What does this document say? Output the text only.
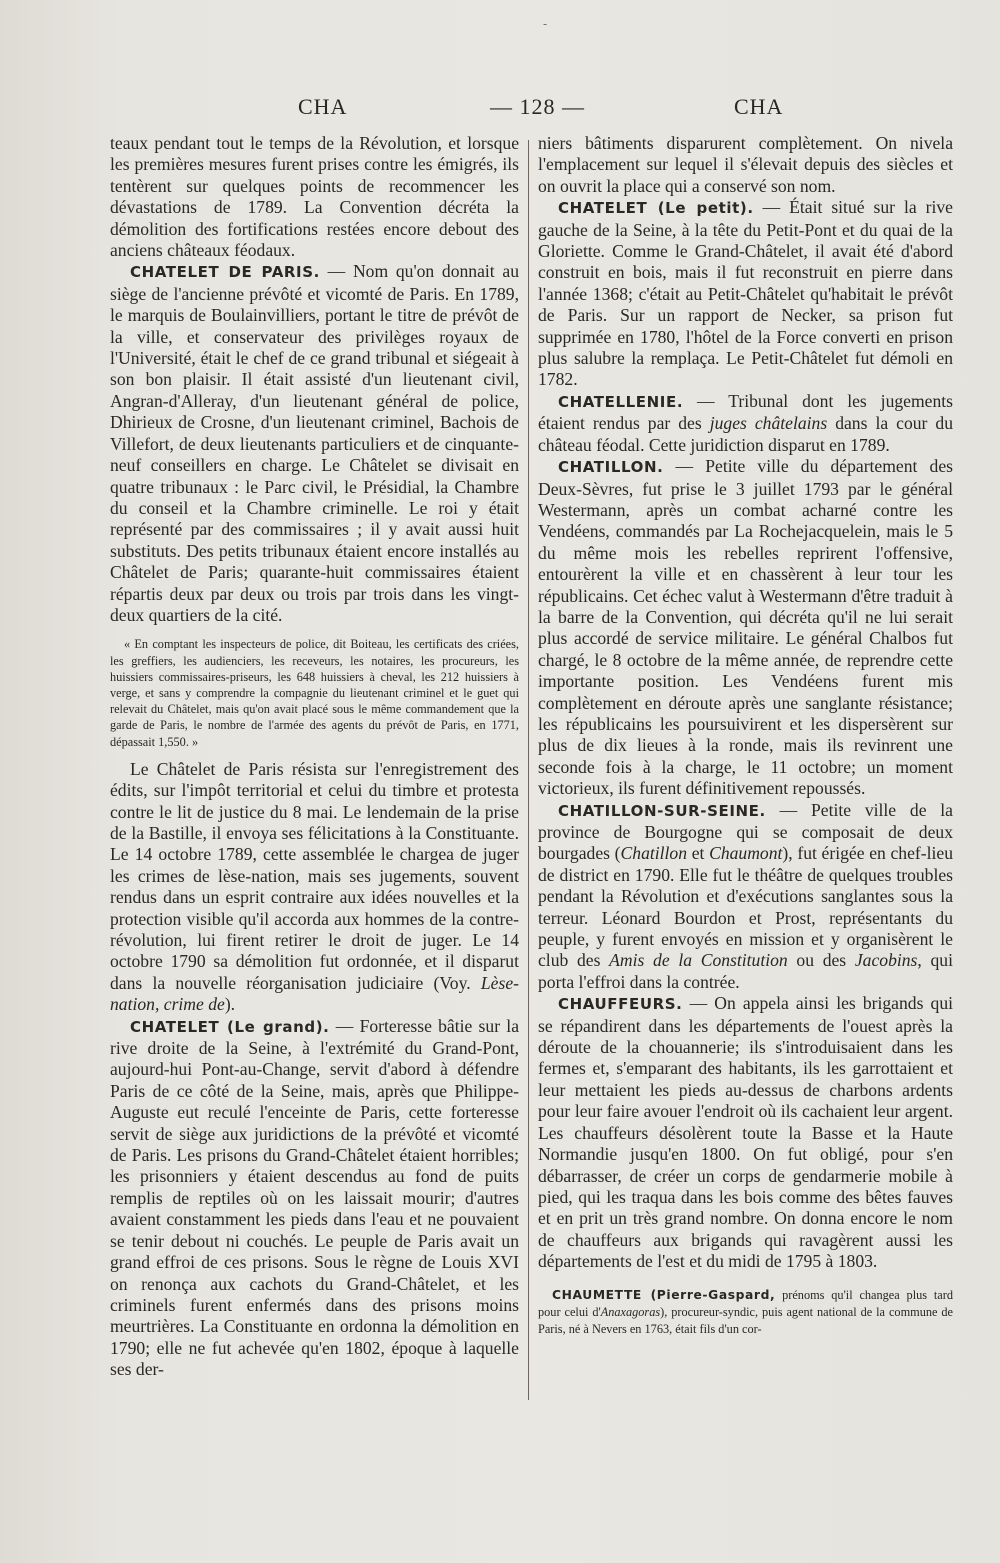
-
CHA	— 128 —	CHA

teaux pendant tout le temps de la Révolution, et lorsque les premières mesures furent prises contre les émigrés, ils tentèrent sur quelques points de recommencer les dévastations de 1789. La Convention décréta la démolition des fortifications restées encore debout des anciens châteaux féodaux.

CHATELET DE PARIS. — Nom qu'on donnait au siège de l'ancienne prévôté et vicomté de Paris. En 1789, le marquis de Boulainvilliers, portant le titre de prévôt de la ville, et conservateur des privilèges royaux de l'Université, était le chef de ce grand tribunal et siégeait à son bon plaisir. Il était assisté d'un lieutenant civil, Angran-d'Alleray, d'un lieutenant général de police, Dhirieux de Crosne, d'un lieutenant criminel, Bachois de Villefort, de deux lieutenants particuliers et de cinquante-neuf conseillers en charge. Le Châtelet se divisait en quatre tribunaux : le Parc civil, le Présidial, la Chambre du conseil et la Chambre criminelle. Le roi y était représenté par des commissaires ; il y avait aussi huit substituts. Des petits tribunaux étaient encore installés au Châtelet de Paris; quarante-huit commissaires étaient répartis deux par deux ou trois par trois dans les vingt-deux quartiers de la cité.

« En comptant les inspecteurs de police, dit Boiteau, les certificats des criées, les greffiers, les audienciers, les receveurs, les notaires, les procureurs, les huissiers commissaires-priseurs, les 648 huissiers à cheval, les 212 huissiers à verge, et sans y comprendre la compagnie du lieutenant criminel et le guet qui relevait du Châtelet, mais qu'on avait placé sous le même commandement que la garde de Paris, le nombre de l'armée des agents du prévôt de Paris, en 1771, dépassait 1,550. »

Le Châtelet de Paris résista sur l'enregistrement des édits, sur l'impôt territorial et celui du timbre et protesta contre le lit de justice du 8 mai. Le lendemain de la prise de la Bastille, il envoya ses félicitations à la Constituante. Le 14 octobre 1789, cette assemblée le chargea de juger les crimes de lèse-nation, mais ses jugements, souvent rendus dans un esprit contraire aux idées nouvelles et la protection visible qu'il accorda aux hommes de la contre-révolution, lui firent retirer le droit de juger. Le 14 octobre 1790 sa démolition fut ordonnée, et il disparut dans la nouvelle réorganisation judiciaire (Voy. Lèse-nation, crime de).

CHATELET (Le grand). — Forteresse bâtie sur la rive droite de la Seine, à l'extrémité du Grand-Pont, aujourd-hui Pont-au-Change, servit d'abord à défendre Paris de ce côté de la Seine, mais, après que Philippe-Auguste eut reculé l'enceinte de Paris, cette forteresse servit de siège aux juridictions de la prévôté et vicomté de Paris. Les prisons du Grand-Châtelet étaient horribles; les prisonniers y étaient descendus au fond de puits remplis de reptiles où on les laissait mourir; d'autres avaient constamment les pieds dans l'eau et ne pouvaient se tenir debout ni couchés. Le peuple de Paris avait un grand effroi de ces prisons. Sous le règne de Louis XVI on renonça aux cachots du Grand-Châtelet, et les criminels furent enfermés dans des prisons moins meurtrières. La Constituante en ordonna la démolition en 1790; elle ne fut achevée qu'en 1802, époque à laquelle ses der-

niers bâtiments disparurent complètement. On nivela l'emplacement sur lequel il s'élevait depuis des siècles et on ouvrit la place qui a conservé son nom.

CHATELET (Le petit). — Était situé sur la rive gauche de la Seine, à la tête du Petit-Pont et du quai de la Gloriette. Comme le Grand-Châtelet, il avait été d'abord construit en bois, mais il fut reconstruit en pierre dans l'année 1368; c'était au Petit-Châtelet qu'habitait le prévôt de Paris. Sur un rapport de Necker, sa prison fut supprimée en 1780, l'hôtel de la Force converti en prison plus salubre la remplaça. Le Petit-Châtelet fut démoli en 1782.

CHATELLENIE. — Tribunal dont les jugements étaient rendus par des juges châtelains dans la cour du château féodal. Cette juridiction disparut en 1789.

CHATILLON. — Petite ville du département des Deux-Sèvres, fut prise le 3 juillet 1793 par le général Westermann, après un combat acharné contre les Vendéens, commandés par La Rochejacquelein, mais le 5 du même mois les rebelles reprirent l'offensive, entourèrent la ville et en chassèrent à leur tour les républicains. Cet échec valut à Westermann d'être traduit à la barre de la Convention, qui décréta qu'il ne lui serait plus accordé de service militaire. Le général Chalbos fut chargé, le 8 octobre de la même année, de reprendre cette importante position. Les Vendéens furent mis complètement en déroute après une sanglante résistance; les républicains les poursuivirent et les dispersèrent sur plus de dix lieues à la ronde, mais ils revinrent une seconde fois à la charge, le 11 octobre; un moment victorieux, ils furent définitivement repoussés.

CHATILLON-SUR-SEINE. — Petite ville de la province de Bourgogne qui se composait de deux bourgades (Chatillon et Chaumont), fut érigée en chef-lieu de district en 1790. Elle fut le théâtre de quelques troubles pendant la Révolution et d'exécutions sanglantes sous la terreur. Léonard Bourdon et Prost, représentants du peuple, y furent envoyés en mission et y organisèrent le club des Amis de la Constitution ou des Jacobins, qui porta l'effroi dans la contrée.

CHAUFFEURS. — On appela ainsi les brigands qui se répandirent dans les départements de l'ouest après la déroute de la chouannerie; ils s'introduisaient dans les fermes et, s'emparant des habitants, ils les garrottaient et leur mettaient les pieds au-dessus de charbons ardents pour leur faire avouer l'endroit où ils cachaient leur argent. Les chauffeurs désolèrent toute la Basse et la Haute Normandie jusqu'en 1800. On fut obligé, pour s'en débarrasser, de créer un corps de gendarmerie mobile à pied, qui les traqua dans les bois comme des bêtes fauves et en prit un très grand nombre. On donna encore le nom de chauffeurs aux brigands qui ravagèrent aussi les départements de l'est et du midi de 1795 à 1803.

CHAUMETTE (Pierre-Gaspard, prénoms qu'il changea plus tard pour celui d'Anaxagoras), procureur-syndic, puis agent national de la commune de Paris, né à Nevers en 1763, était fils d'un cor-
